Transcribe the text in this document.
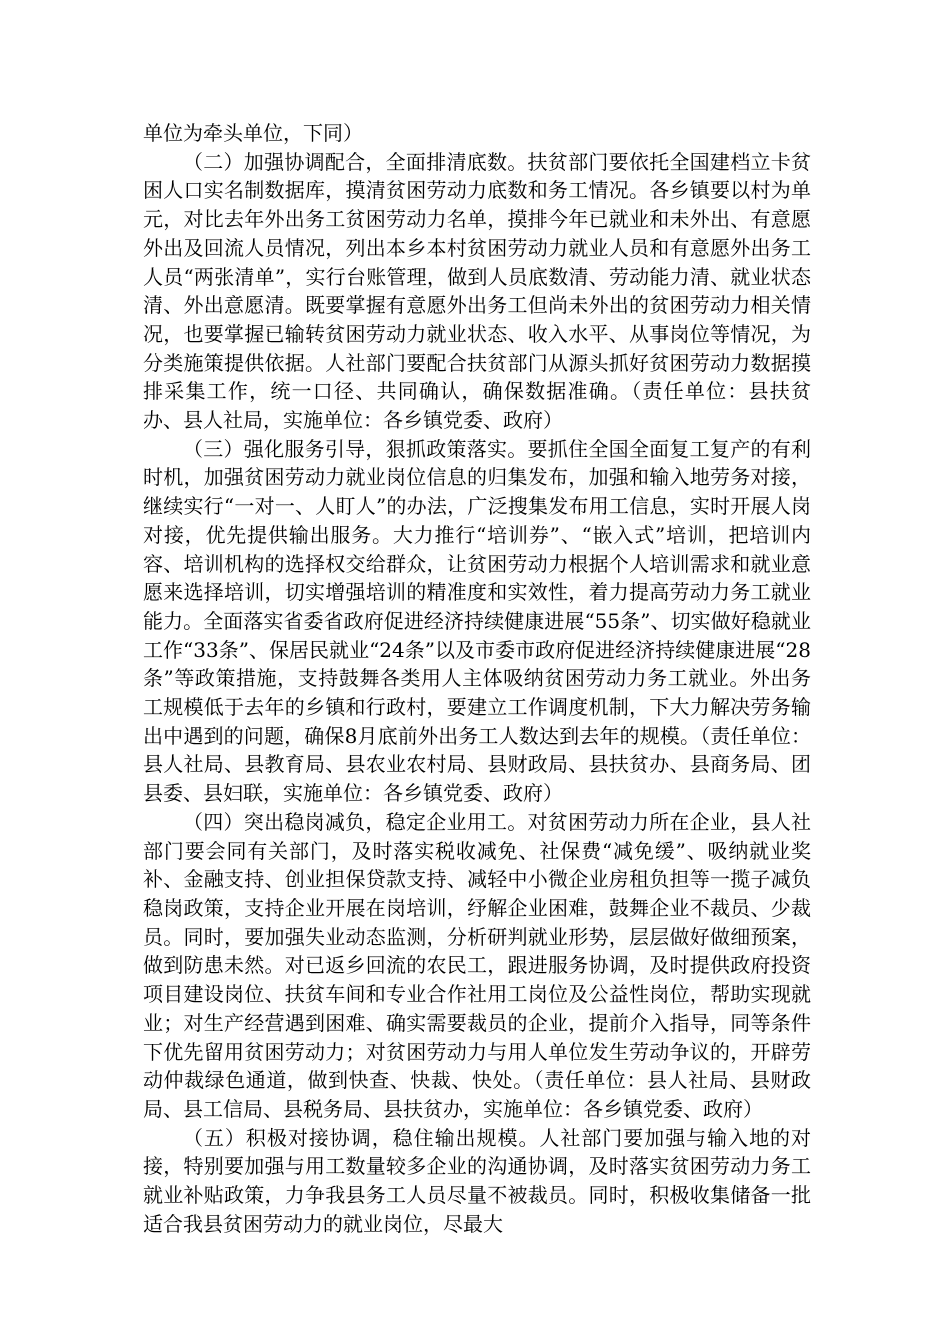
单位为牵头单位，下同）

（二）加强协调配合，全面排清底数。扶贫部门要依托全国建档立卡贫困人口实名制数据库，摸清贫困劳动力底数和务工情况。各乡镇要以村为单元，对比去年外出务工贫困劳动力名单，摸排今年已就业和未外出、有意愿外出及回流人员情况，列出本乡本村贫困劳动力就业人员和有意愿外出务工人员“两张清单”，实行台账管理，做到人员底数清、劳动能力清、就业状态清、外出意愿清。既要掌握有意愿外出务工但尚未外出的贫困劳动力相关情况，也要掌握已输转贫困劳动力就业状态、收入水平、从事岗位等情况，为分类施策提供依据。人社部门要配合扶贫部门从源头抓好贫困劳动力数据摸排采集工作，统一口径、共同确认，确保数据准确。（责任单位：县扶贫办、县人社局，实施单位：各乡镇党委、政府）

（三）强化服务引导，狠抓政策落实。要抓住全国全面复工复产的有利时机，加强贫困劳动力就业岗位信息的归集发布，加强和输入地劳务对接，继续实行“一对一、人盯人”的办法，广泛搜集发布用工信息，实时开展人岗对接，优先提供输出服务。大力推行“培训券”、“嵌入式”培训，把培训内容、培训机构的选择权交给群众，让贫困劳动力根据个人培训需求和就业意愿来选择培训，切实增强培训的精准度和实效性，着力提高劳动力务工就业能力。全面落实省委省政府促进经济持续健康进展“55条”、切实做好稳就业工作“33条”、保居民就业“24条”以及市委市政府促进经济持续健康进展“28条”等政策措施，支持鼓舞各类用人主体吸纳贫困劳动力务工就业。外出务工规模低于去年的乡镇和行政村，要建立工作调度机制，下大力解决劳务输出中遇到的问题，确保8月底前外出务工人数达到去年的规模。（责任单位：县人社局、县教育局、县农业农村局、县财政局、县扶贫办、县商务局、团县委、县妇联，实施单位：各乡镇党委、政府）

（四）突出稳岗减负，稳定企业用工。对贫困劳动力所在企业，县人社部门要会同有关部门，及时落实税收减免、社保费“减免缓”、吸纳就业奖补、金融支持、创业担保贷款支持、减轻中小微企业房租负担等一揽子减负稳岗政策，支持企业开展在岗培训，纾解企业困难，鼓舞企业不裁员、少裁员。同时，要加强失业动态监测，分析研判就业形势，层层做好做细预案，做到防患未然。对已返乡回流的农民工，跟进服务协调，及时提供政府投资项目建设岗位、扶贫车间和专业合作社用工岗位及公益性岗位，帮助实现就业；对生产经营遇到困难、确实需要裁员的企业，提前介入指导，同等条件下优先留用贫困劳动力；对贫困劳动力与用人单位发生劳动争议的，开辟劳动仲裁绿色通道，做到快查、快裁、快处。（责任单位：县人社局、县财政局、县工信局、县税务局、县扶贫办，实施单位：各乡镇党委、政府）

（五）积极对接协调，稳住输出规模。人社部门要加强与输入地的对接，特别要加强与用工数量较多企业的沟通协调，及时落实贫困劳动力务工就业补贴政策，力争我县务工人员尽量不被裁员。同时，积极收集储备一批适合我县贫困劳动力的就业岗位，尽最大
